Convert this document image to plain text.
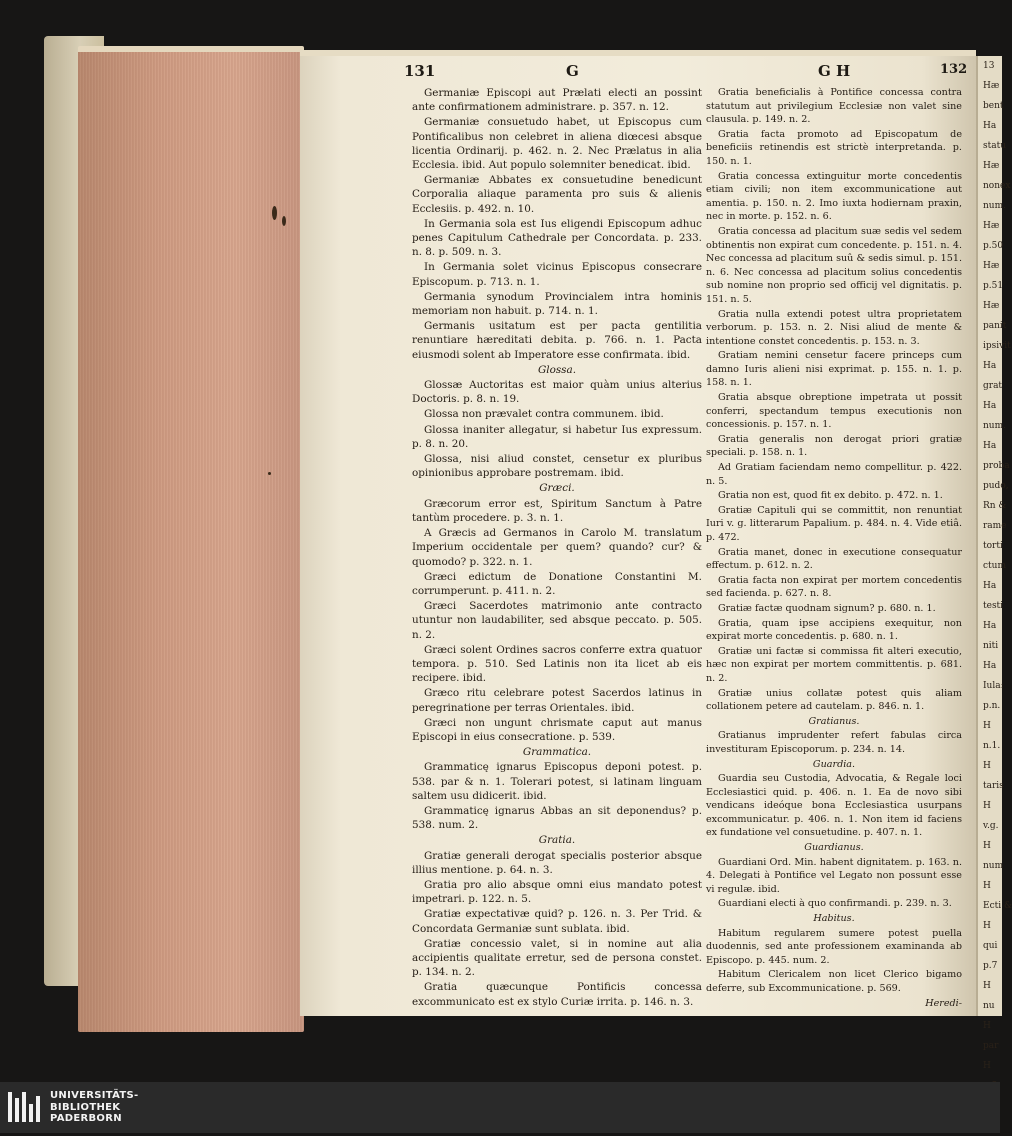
13
Hæ
bent
Ha
statu
Hæ
nonex
num.
Hæ
p.50
Hæ
p.51
Hæ
panit
ipsivit
Ha
grat
Ha
num.
Ha
proba
pudo,
Rn &
rame
torti
ctum
Ha
testi
Ha
niti
Ha
Iula:
p.n.
H
n.1.
H
taris
H
v.g.
H
num
H
Ecti &
H
qui
p.7
H
nu
H
par
H
131	G	G H	132

Germaniæ Episcopi aut Prælati electi an possint ante confirmationem administrare. p. 357. n. 12.

Germaniæ consuetudo habet, ut Episcopus cum Pontificalibus non celebret in aliena diœcesi absque licentia Ordinarij. p. 462. n. 2. Nec Prælatus in alia Ecclesia. ibid. Aut populo solemniter benedicat. ibid.

Germaniæ Abbates ex consuetudine benedicunt Corporalia aliaque paramenta pro suis & alienis Ecclesiis. p. 492. n. 10.

In Germania sola est Ius eligendi Episcopum adhuc penes Capitulum Cathedrale per Concordata. p. 233. n. 8. p. 509. n. 3.

In Germania solet vicinus Episcopus consecrare Episcopum. p. 713. n. 1.

Germania synodum Provincialem intra hominis memoriam non habuit. p. 714. n. 1.

Germanis usitatum est per pacta gentilitia renuntiare hæreditati debita. p. 766. n. 1. Pacta eiusmodi solent ab Imperatore esse confirmata. ibid.

Glossa.

Glossæ Auctoritas est maior quàm unius alterius Doctoris. p. 8. n. 19.

Glossa non prævalet contra communem. ibid.

Glossa inaniter allegatur, si habetur Ius expressum. p. 8. n. 20.

Glossa, nisi aliud constet, censetur ex pluribus opinionibus approbare postremam. ibid.

Græci.

Græcorum error est, Spiritum Sanctum à Patre tantùm procedere. p. 3. n. 1.

A Græcis ad Germanos in Carolo M. translatum Imperium occidentale per quem? quando? cur? & quomodo? p. 322. n. 1.

Græci edictum de Donatione Constantini M. corrumperunt. p. 411. n. 2.

Græci Sacerdotes matrimonio ante contracto utuntur non laudabiliter, sed absque peccato. p. 505. n. 2.

Græci solent Ordines sacros conferre extra quatuor tempora. p. 510. Sed Latinis non ita licet ab eis recipere. ibid.

Græco ritu celebrare potest Sacerdos latinus in peregrinatione per terras Orientales. ibid.

Græci non ungunt chrismate caput aut manus Episcopi in eius consecratione. p. 539.

Grammatica.

Grammaticę ignarus Episcopus deponi potest. p. 538. par & n. 1. Tolerari potest, si latinam linguam saltem usu didicerit. ibid.

Grammaticę ignarus Abbas an sit deponendus? p. 538. num. 2.

Gratia.

Gratiæ generali derogat specialis posterior absque illius mentione. p. 64. n. 3.

Gratia pro alio absque omni eius mandato potest impetrari. p. 122. n. 5.

Gratiæ expectativæ quid? p. 126. n. 3. Per Trid. & Concordata Germaniæ sunt sublata. ibid.

Gratiæ concessio valet, si in nomine aut alia accipientis qualitate erretur, sed de persona constet. p. 134. n. 2.

Gratia quæcunque Pontificis concessa excommunicato est ex stylo Curiæ irrita. p. 146. n. 3.

Gratia beneficialis à Pontifice concessa contra statutum aut privilegium Ecclesiæ non valet sine clausula. p. 149. n. 2.

Gratia facta promoto ad Episcopatum de beneficiis retinendis est strictè interpretanda. p. 150. n. 1.

Gratia concessa extinguitur morte concedentis etiam civili; non item excommunicatione aut amentia. p. 150. n. 2. Imo iuxta hodiernam praxin, nec in morte. p. 152. n. 6.

Gratia concessa ad placitum suæ sedis vel sedem obtinentis non expirat cum concedente. p. 151. n. 4. Nec concessa ad placitum suû & sedis simul. p. 151. n. 6. Nec concessa ad placitum solius concedentis sub nomine non proprio sed officij vel dignitatis. p. 151. n. 5.

Gratia nulla extendi potest ultra proprietatem verborum. p. 153. n. 2. Nisi aliud de mente & intentione constet concedentis. p. 153. n. 3.

Gratiam nemini censetur facere princeps cum damno Iuris alieni nisi exprimat. p. 155. n. 1. p. 158. n. 1.

Gratia absque obreptione impetrata ut possit conferri, spectandum tempus executionis non concessionis. p. 157. n. 1.

Gratia generalis non derogat priori gratiæ speciali. p. 158. n. 1.

Ad Gratiam faciendam nemo compellitur. p. 422. n. 5.

Gratia non est, quod fit ex debito. p. 472. n. 1.

Gratiæ Capituli qui se committit, non renuntiat Iuri v. g. litterarum Papalium. p. 484. n. 4. Vide etiâ. p. 472.

Gratia manet, donec in executione consequatur effectum. p. 612. n. 2.

Gratia facta non expirat per mortem concedentis sed facienda. p. 627. n. 8.

Gratiæ factæ quodnam signum? p. 680. n. 1.

Gratia, quam ipse accipiens exequitur, non expirat morte concedentis. p. 680. n. 1.

Gratiæ uni factæ si commissa fit alteri executio, hæc non expirat per mortem committentis. p. 681. n. 2.

Gratiæ unius collatæ potest quis aliam collationem petere ad cautelam. p. 846. n. 1.

Gratianus.

Gratianus imprudenter refert fabulas circa investituram Episcoporum. p. 234. n. 14.

Guardia.

Guardia seu Custodia, Advocatia, & Regale loci Ecclesiastici quid. p. 406. n. 1. Ea de novo sibi vendicans ideóque bona Ecclesiastica usurpans excommunicatur. p. 406. n. 1. Non item id faciens ex fundatione vel consuetudine. p. 407. n. 1.

Guardianus.

Guardiani Ord. Min. habent dignitatem. p. 163. n. 4. Delegati à Pontifice vel Legato non possunt esse vi regulæ. ibid.

Guardiani electi à quo confirmandi. p. 239. n. 3.

Habitus.

Habitum regularem sumere potest puella duodennis, sed ante professionem examinanda ab Episcopo. p. 445. num. 2.

Habitum Clericalem non licet Clerico bigamo deferre, sub Excommunicatione. p. 569.

Heredi-

UNIVERSITÄTS-
BIBLIOTHEK
PADERBORN
